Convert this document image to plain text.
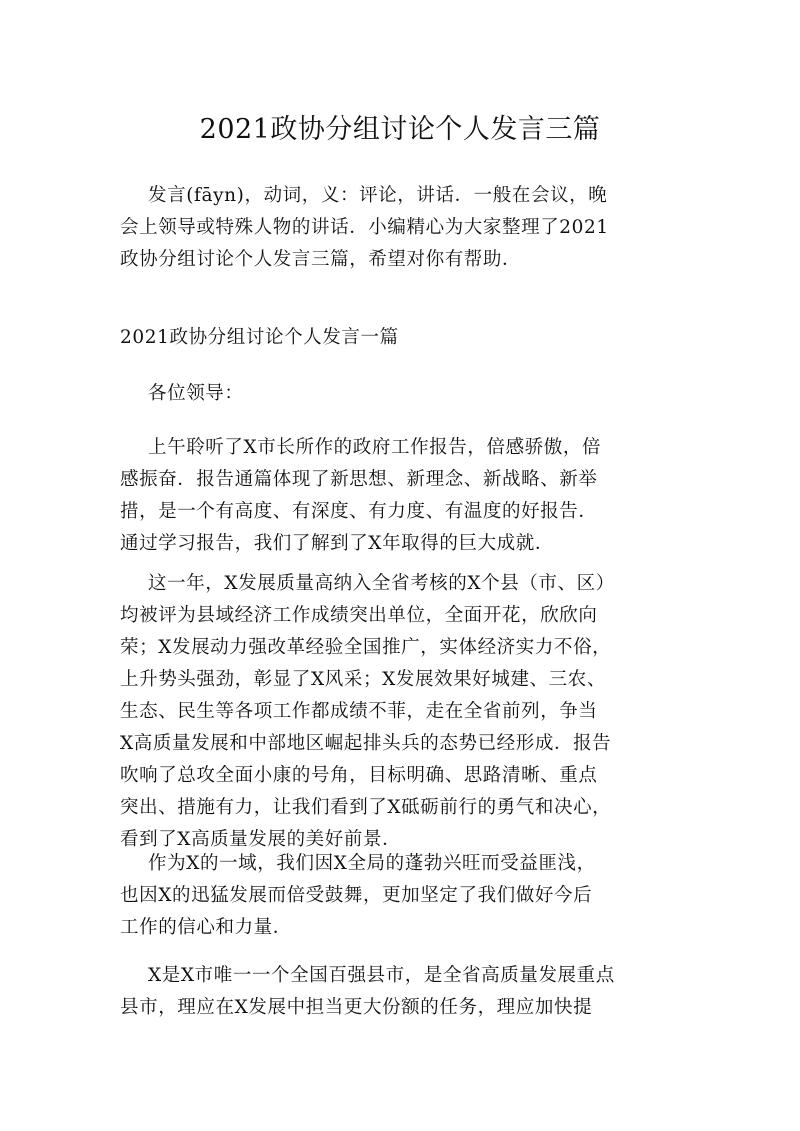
2021政协分组讨论个人发言三篇
发言(fāyn)，动词，义：评论，讲话．一般在会议，晚
会上领导或特殊人物的讲话．小编精心为大家整理了2021
政协分组讨论个人发言三篇，希望对你有帮助．
2021政协分组讨论个人发言一篇
各位领导：
上午聆听了X市长所作的政府工作报告，倍感骄傲，倍
感振奋．报告通篇体现了新思想、新理念、新战略、新举
措，是一个有高度、有深度、有力度、有温度的好报告．
通过学习报告，我们了解到了X年取得的巨大成就．
这一年，X发展质量高纳入全省考核的X个县（市、区）
均被评为县域经济工作成绩突出单位，全面开花，欣欣向
荣；X发展动力强改革经验全国推广，实体经济实力不俗，
上升势头强劲，彰显了X风采；X发展效果好城建、三农、
生态、民生等各项工作都成绩不菲，走在全省前列，争当
X高质量发展和中部地区崛起排头兵的态势已经形成．报告
吹响了总攻全面小康的号角，目标明确、思路清晰、重点
突出、措施有力，让我们看到了X砥砺前行的勇气和决心，
看到了X高质量发展的美好前景．
作为X的一域，我们因X全局的蓬勃兴旺而受益匪浅，
也因X的迅猛发展而倍受鼓舞，更加坚定了我们做好今后
工作的信心和力量．
X是X市唯一一个全国百强县市，是全省高质量发展重点
县市，理应在X发展中担当更大份额的任务，理应加快提
